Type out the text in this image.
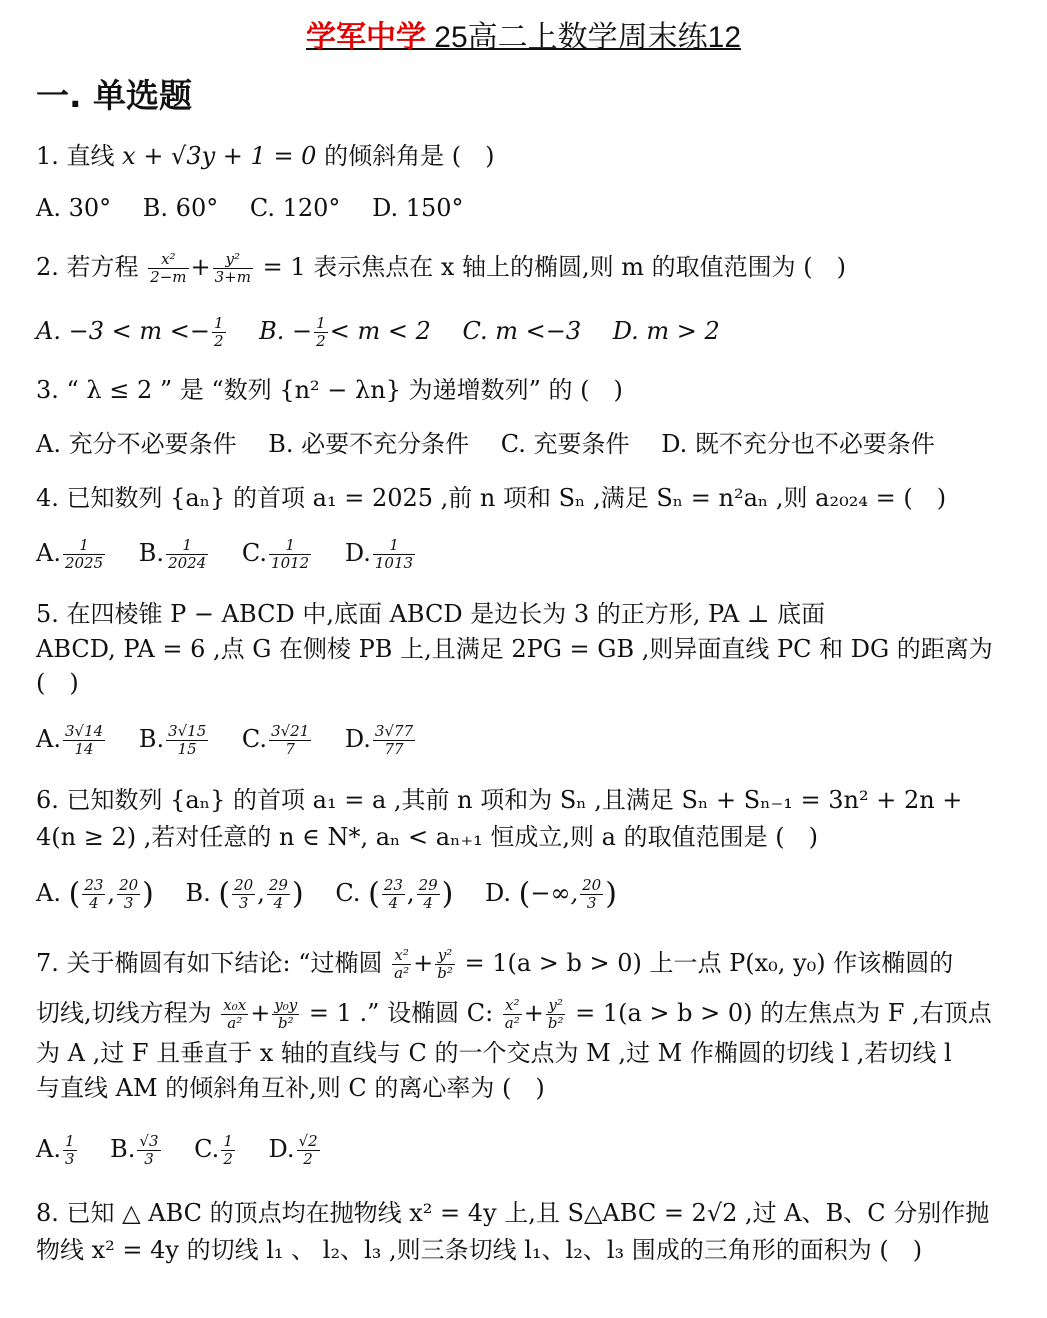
学军中学 25高二上数学周末练12
一. 单选题
1. 直线 x + √3y + 1 = 0 的倾斜角是 (　)
A. 30° B. 60° C. 120° D. 150°
2. 若方程 $\frac{\text{x²}}{2-m} + \frac{\text{y²}}{3+m} = 1$ 表示焦点在 x 轴上的椭圆,则 m 的取值范围为 (　)
A. $-3 < m <- \frac{1}{2} B$. − $\frac{1}{2} < m < 2$ C. m <−3 D. m > 2
3. “ λ ≤ 2 ” 是 “数列 {n² − λn} 为递增数列” 的 (　)
A. 充分不必要条件 B. 必要不充分条件 C. 充要条件 D. 既不充分也不必要条件
4. 已知数列 {aₙ} 的首项 a₁ = 2025 ,前 n 项和 Sₙ ,满足 Sₙ = n²aₙ ,则 a₂₀₂₄ = (　)
A. $\frac{1}{2025} B$. $\frac{1}{2024} C$. $\frac{1}{1012} D$. $\frac{1}{1013}$
5. 在四棱锥 P − ABCD 中,底面 ABCD 是边长为 3 的正方形, PA ⊥ 底面
ABCD, PA = 6 ,点 G 在侧棱 PB 上,且满足 2PG = GB ,则异面直线 PC 和 DG 的距离为
(　)
A. $\frac{3√14}{14} B$. $\frac{3√15}{15} C$. $\frac{3√21}{7} D$. $\frac{3√77}{77}$
6. 已知数列 {aₙ} 的首项 a₁ = a ,其前 n 项和为 Sₙ ,且满足 Sₙ + Sₙ₋₁ = 3n² + 2n +
4(n ≥ 2) ,若对任意的 n ∈ N*, aₙ < aₙ₊₁ 恒成立,则 a 的取值范围是 (　)
A. ( $\frac{23}{4}$ , $\frac{20}{3}$ ) B. ( $\frac{20}{3}$ , $\frac{29}{4}$ ) C. ( $\frac{23}{4}$ , $\frac{29}{4}$ ) D. (−∞, $\frac{20}{3}$ )
7. 关于椭圆有如下结论: “过椭圆 $\frac{\text{x²}}{\text{a²}} + \frac{\text{y²}}{\text{b²}} = 1(a > b > 0)$ 上一点 P(x₀, y₀) 作该椭圆的
切线,切线方程为 $\frac{\text{x₀x}}{\text{a²}} + \frac{\text{y₀y}}{\text{b²}} = 1$ .” 设椭圆 C: $\frac{\text{x²}}{\text{a²}} + \frac{\text{y²}}{\text{b²}} = 1(a > b > 0)$ 的左焦点为 F ,右顶点
为 A ,过 F 且垂直于 x 轴的直线与 C 的一个交点为 M ,过 M 作椭圆的切线 l ,若切线 l
与直线 AM 的倾斜角互补,则 C 的离心率为 (　)
A. $\frac{1}{3} B$. $\frac{√3}{3} C$. $\frac{1}{2} D$. $\frac{√2}{2}$
8. 已知 △ ABC 的顶点均在抛物线 x² = 4y 上,且 S△ABC = 2√2 ,过 A、B、C 分别作抛
物线 x² = 4y 的切线 l₁ 、 l₂、l₃ ,则三条切线 l₁、l₂、l₃ 围成的三角形的面积为 (　)
